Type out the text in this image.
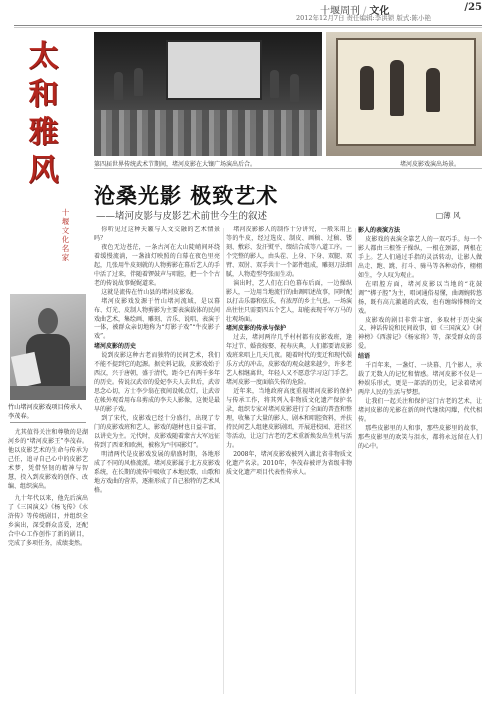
十堰周刊 / 文化	/25
2012年12月7日 责任编辑:李洪锁 版式:陈小艳
太
和
雅
风
十
堰
文
化
名
家
竹山堵河皮影戏项目传承人李茂春。

尤其值得关注和尊敬的是湖河乡的“堵河皮影王”李茂春。他以皮影艺术的生命与传承为己任，追寻自己心中的皮影艺术梦，凭借坚韧的精神与智慧，投入到皮影戏的创作、改编、组织演出。

九十年代以来，他先后演出了《三国演义》《杨飞传》《水浒传》等传统剧目，并组织全乡演出，深受群众喜爱，还配合中心工作创作了新的剧目，完成了多项任务，成绩斐然。

第四届世界传统武术节期间，堵河皮影在大镶广场演出后合。	堵河皮影戏演出场景。
沧桑光影 极致艺术
——堵河皮影与皮影艺术前世今生的叙述	□薄 风

你听见过这种天籁与人文交融的艺术情景吗？

夜色无边苍茫，一条古河在大山陡峭间环绕着缓慢流淌，一盏油灯映照的白幕在夜色里亮起，几张用牛皮刻就的人物剪影在幕后艺人的手中活了过来，伴随着锣鼓声与唱腔，把一个个古老的传说故事娓娓道来。

这就是流传在竹山县的堵河皮影戏。

堵河皮影戏发源于竹山堵河流域，是以幕布、灯光、皮制人物剪影为主要表演载体的民间戏曲艺术，集绘画、雕刻、音乐、说唱、表演于一体，被群众亲切地称为“灯影子戏”“牛皮影子戏”。

堵河皮影的历史

说到皮影这种古老而独特的民间艺术，我们不能不提到它的起源。据史料记载，皮影戏始于西汉，兴于唐朝，盛于清代，距今已有两千多年的历史。传说汉武帝的爱妃李夫人去世后，武帝思念心切，方士李少翁在夜间设帐点灯，让武帝在帐外观看用布帛剪成的李夫人影像，这便是最早的影子戏。

到了宋代，皮影戏已经十分盛行，出现了专门的皮影戏班和艺人，影戏的题材也日益丰富，以讲史为主。元代时，皮影戏随着蒙古大军远征传到了西亚和欧洲，被称为“中国影灯”。

明清两代是皮影戏发展的鼎盛时期，各地形成了不同的风格流派。堵河皮影属于北方皮影戏系统，在长期的流传中吸收了本地民歌、山歌和地方戏曲的营养，逐渐形成了自己独特的艺术风格。

堵河皮影影人的制作十分讲究，一般采用上等的牛皮，经过选皮、制皮、画稿、过稿、镂刻、敷彩、发汗熨平、缀结合成等八道工序。一个完整的影人，由头茬、上身、下身、双腿、双臂、双肘、双手共十一个部件组成，雕刻刀法细腻，人物造型夸张而生动。

演出时，艺人们在白色幕布后面，一边操纵影人，一边用当地流行的曲调唱述故事，同时配以打击乐器和弦乐，有浓厚的乡土气息。一场演出往往只需要四五个艺人，却能表现千军万马的壮观场面。

堵河皮影的传承与保护

过去，堵河两岸几乎村村都有皮影戏班，逢年过节、婚丧嫁娶、祝寿庆典，人们都要请皮影戏班来唱上几天几夜。随着时代的变迁和现代娱乐方式的冲击，皮影戏的观众越来越少，许多老艺人相继离世，年轻人又不愿意学习这门手艺，堵河皮影一度面临失传的危险。

近年来，当地政府高度重视堵河皮影的保护与传承工作，将其列入非物质文化遗产保护名录，组织专家对堵河皮影进行了全面的普查和整理，收集了大量的影人、剧本和唱腔资料，并扶持民间艺人组建皮影剧团，开展进校园、进社区等活动，让这门古老的艺术重新焕发出生机与活力。

2008年，堵河皮影戏被列入湖北省非物质文化遗产名录。2010年，李茂春被评为省级非物质文化遗产项目代表性传承人。

影人的表演方法

皮影戏的表演全靠艺人的一双巧手。每一个影人都由三根签子操纵，一根在颈部，两根在手上。艺人们通过手指的灵活转动，让影人做出走、跑、跳、打斗、骑马等各种动作，栩栩如生，令人叹为观止。

在唱腔方面，堵河皮影以当地的“花鼓调”“梆子腔”为主，唱词通俗易懂，曲调婉转悠扬，既有高亢激越的武戏，也有缠绵悱恻的文戏。

皮影戏的剧目非常丰富，多取材于历史演义、神话传说和民间故事，如《三国演义》《封神榜》《西游记》《杨家将》等，深受群众的喜爱。

结语

千百年来，一盏灯、一块幕、几个影人，承载了无数人的记忆和情感。堵河皮影不仅是一种娱乐形式，更是一部活的历史，记录着堵河两岸人民的生活与梦想。

让我们一起关注和保护这门古老的艺术，让堵河皮影的光影在新的时代继续闪耀，代代相传。

那些皮影里的人和事，那些皮影里的故事，那些皮影里的欢笑与泪水，都将永远留在人们的心中。
